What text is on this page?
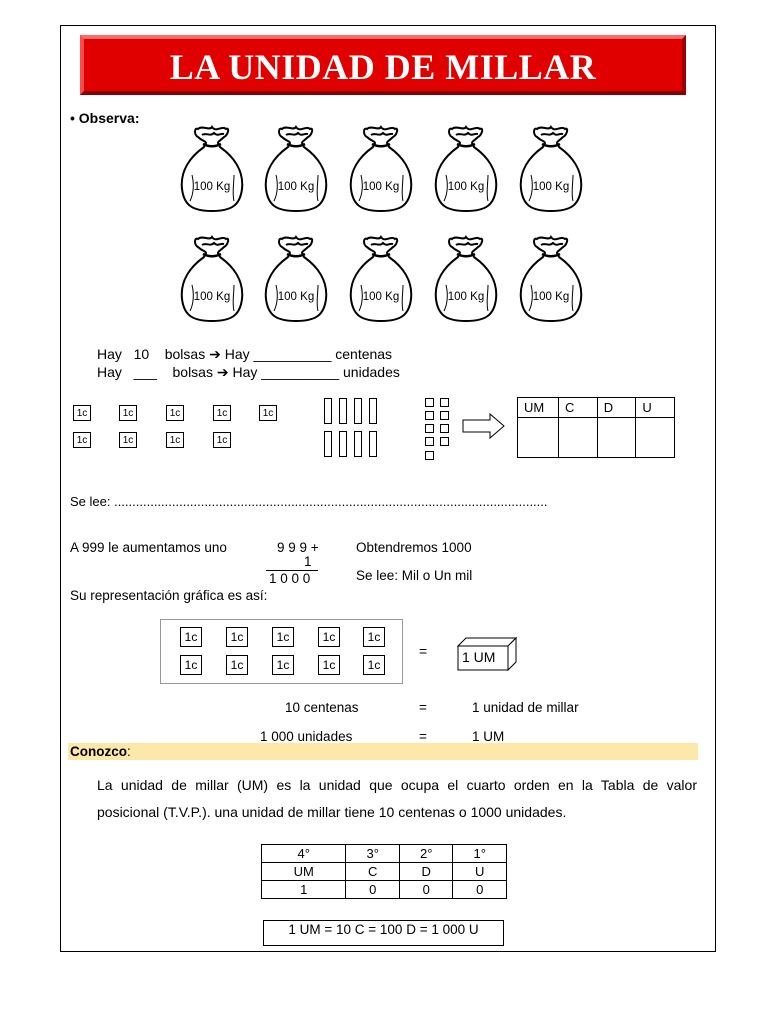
LA UNIDAD DE MILLAR
• Observa:
100 Kg	100 Kg	100 Kg	100 Kg	100 Kg
100 Kg	100 Kg	100 Kg	100 Kg	100 Kg
Hay 10 bolsas ➔ Hay __________ centenas
Hay ___ bolsas ➔ Hay __________ unidades
1c	1c	1c	1c	1c
1c	1c	1c	1c
UM	C	D	U

Se lee: ........................................................................................................................
A 999 le aumentamos uno	9 9 9 +
1
1 0 0 0
Obtendremos 1000
Se lee: Mil o Un mil
Su representación gráfica es así:
1c	1c	1c	1c	1c
1c	1c	1c	1c	1c
= 1 UM
10 centenas	=	1 unidad de millar
1 000 unidades	=	1 UM
Conozco:
La unidad de millar (UM) es la unidad que ocupa el cuarto orden en la Tabla de valor
posicional (T.V.P.). una unidad de millar tiene 10 centenas o 1000 unidades.
4°	3°	2°	1°
UM	C	D	U
1	0	0	0
1 UM = 10 C = 100 D = 1 000 U
